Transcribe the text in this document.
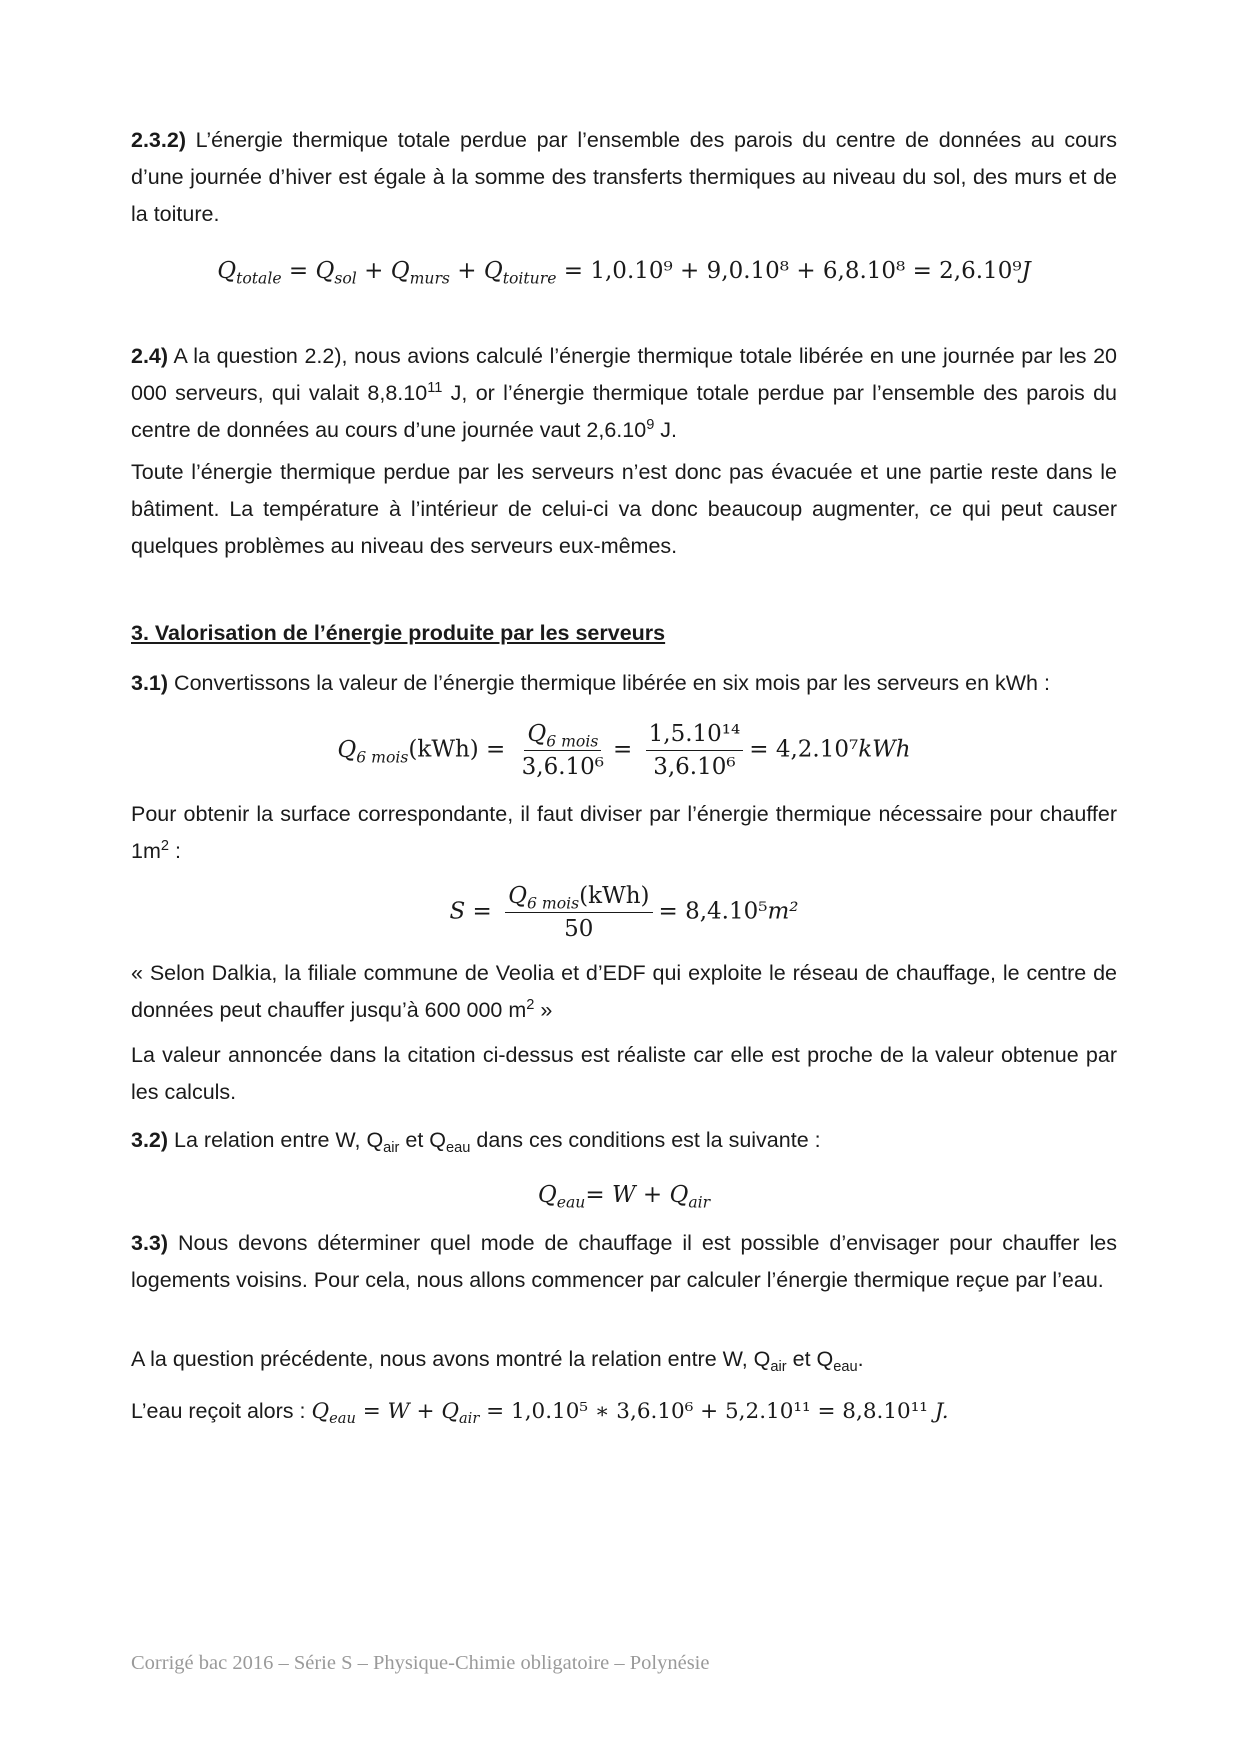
2.3.2) L’énergie thermique totale perdue par l’ensemble des parois du centre de données au cours d’une journée d’hiver est égale à la somme des transferts thermiques au niveau du sol, des murs et de la toiture.
$Q_{totale} = Q_{sol} + Q_{murs} + Q_{toiture} = 1,0.10^9 + 9,0.10^8 + 6,8.10^8 = 2,6.10^9J$
2.4) A la question 2.2), nous avions calculé l’énergie thermique totale libérée en une journée par les 20 000 serveurs, qui valait 8,8.10$^{11}$ J, or l’énergie thermique totale perdue par l’ensemble des parois du centre de données au cours d’une journée vaut 2,6.10$^9$ J.
Toute l’énergie thermique perdue par les serveurs n’est donc pas évacuée et une partie reste dans le bâtiment. La température à l’intérieur de celui-ci va donc beaucoup augmenter, ce qui peut causer quelques problèmes au niveau des serveurs eux-mêmes.
3. Valorisation de l’énergie produite par les serveurs
3.1) Convertissons la valeur de l’énergie thermique libérée en six mois par les serveurs en kWh :
$Q_{6 mois}(kWh) = \frac{Q_{6 mois}}{\text{3,6.10⁶}} = \frac{\text{1,5.10¹⁴}}{\text{3,6.10⁶}} = 4,2.10^7kWh$
Pour obtenir la surface correspondante, il faut diviser par l’énergie thermique nécessaire pour chauffer $1m^2$ :
$S = \frac{Q_{6 mois}(kWh)}{50} = 8,4.10^5m^2$
« Selon Dalkia, la filiale commune de Veolia et d’EDF qui exploite le réseau de chauffage, le centre de données peut chauffer jusqu’à 600 000 $m^2$ »
La valeur annoncée dans la citation ci-dessus est réaliste car elle est proche de la valeur obtenue par les calculs.
3.2) La relation entre W, $Q_{air}$ et $Q_{eau}$ dans ces conditions est la suivante :
$Q_{eau}= W + Q_{air}$
3.3) Nous devons déterminer quel mode de chauffage il est possible d’envisager pour chauffer les logements voisins. Pour cela, nous allons commencer par calculer l’énergie thermique reçue par l’eau.
A la question précédente, nous avons montré la relation entre W, $Q_{air}$ et $Q_{eau}$.
L’eau reçoit alors : $Q_{eau} = W + Q_{air} = 1,0.10^5$ ∗ 3,6.10⁶ + 5,2.10¹¹ = 8,8.10¹¹ J.
Corrigé bac 2016 – Série S – Physique-Chimie obligatoire – Polynésie
